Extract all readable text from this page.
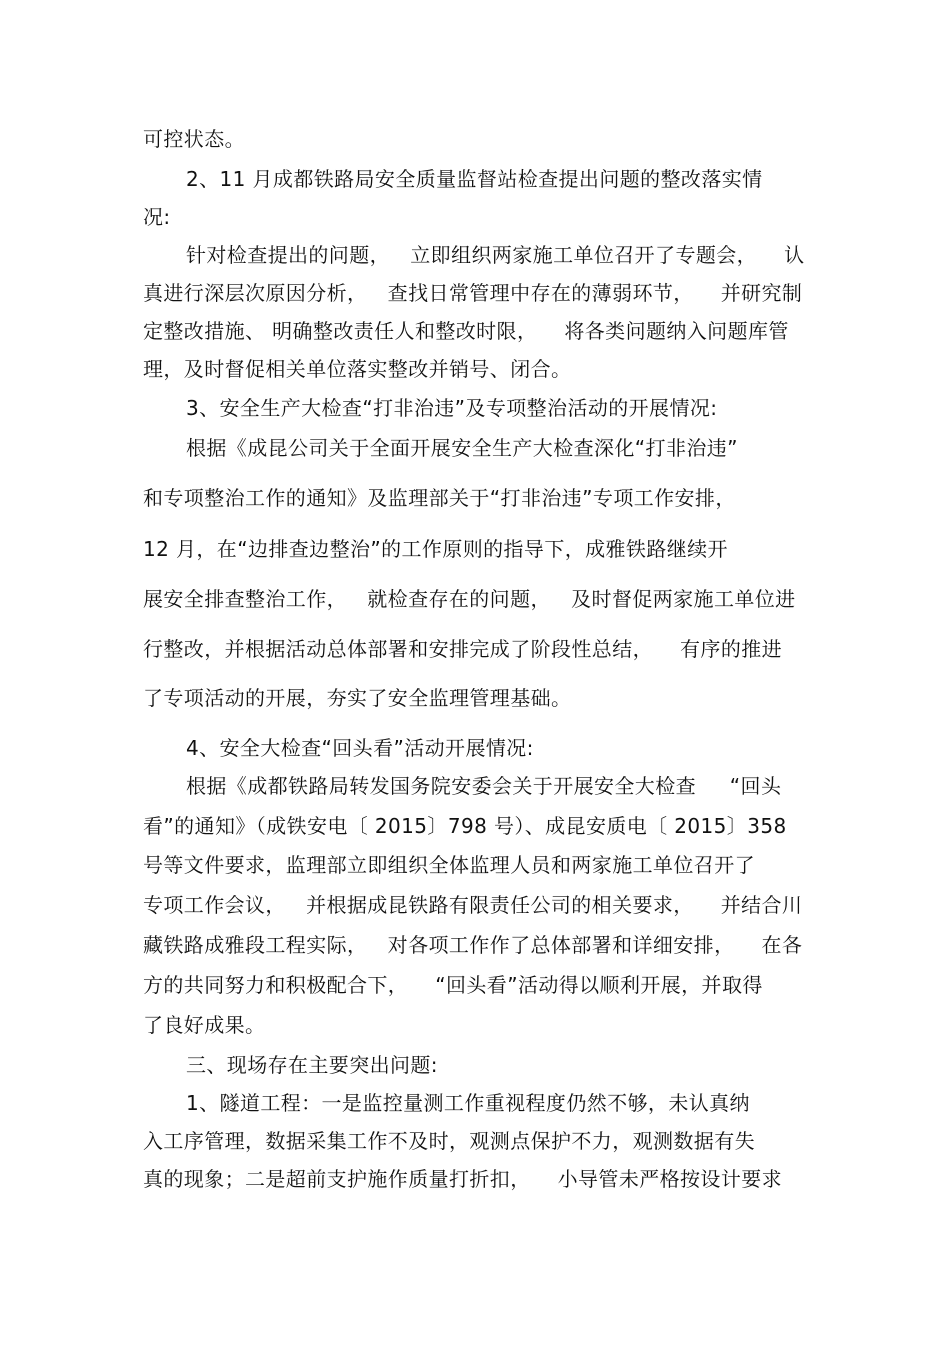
可控状态。
2、11 月成都铁路局安全质量监督站检查提出问题的整改落实情
况:
针对检查提出的问题，   立即组织两家施工单位召开了专题会，    认
真进行深层次原因分析，   查找日常管理中存在的薄弱环节，    并研究制
定整改措施、 明确整改责任人和整改时限，    将各类问题纳入问题库管
理，及时督促相关单位落实整改并销号、闭合。
3、安全生产大检查“打非治违”及专项整治活动的开展情况:
根据《成昆公司关于全面开展安全生产大检查深化“打非治违”
和专项整治工作的通知》及监理部关于“打非治违”专项工作安排，
12 月，在“边排查边整治”的工作原则的指导下，成雅铁路继续开
展安全排查整治工作，   就检查存在的问题，   及时督促两家施工单位进
行整改，并根据活动总体部署和安排完成了阶段性总结，    有序的推进
了专项活动的开展，夯实了安全监理管理基础。
4、安全大检查“回头看”活动开展情况:
根据《成都铁路局转发国务院安委会关于开展安全大检查     “回头
看”的通知》（成铁安电〔 2015〕798 号）、成昆安质电〔 2015〕358
号等文件要求，监理部立即组织全体监理人员和两家施工单位召开了
专项工作会议，   并根据成昆铁路有限责任公司的相关要求，    并结合川
藏铁路成雅段工程实际，   对各项工作作了总体部署和详细安排，    在各
方的共同努力和积极配合下，    “回头看”活动得以顺利开展，并取得
了良好成果。
三、现场存在主要突出问题:
1、隧道工程：一是监控量测工作重视程度仍然不够，未认真纳
入工序管理，数据采集工作不及时，观测点保护不力，观测数据有失
真的现象；二是超前支护施作质量打折扣，    小导管未严格按设计要求
